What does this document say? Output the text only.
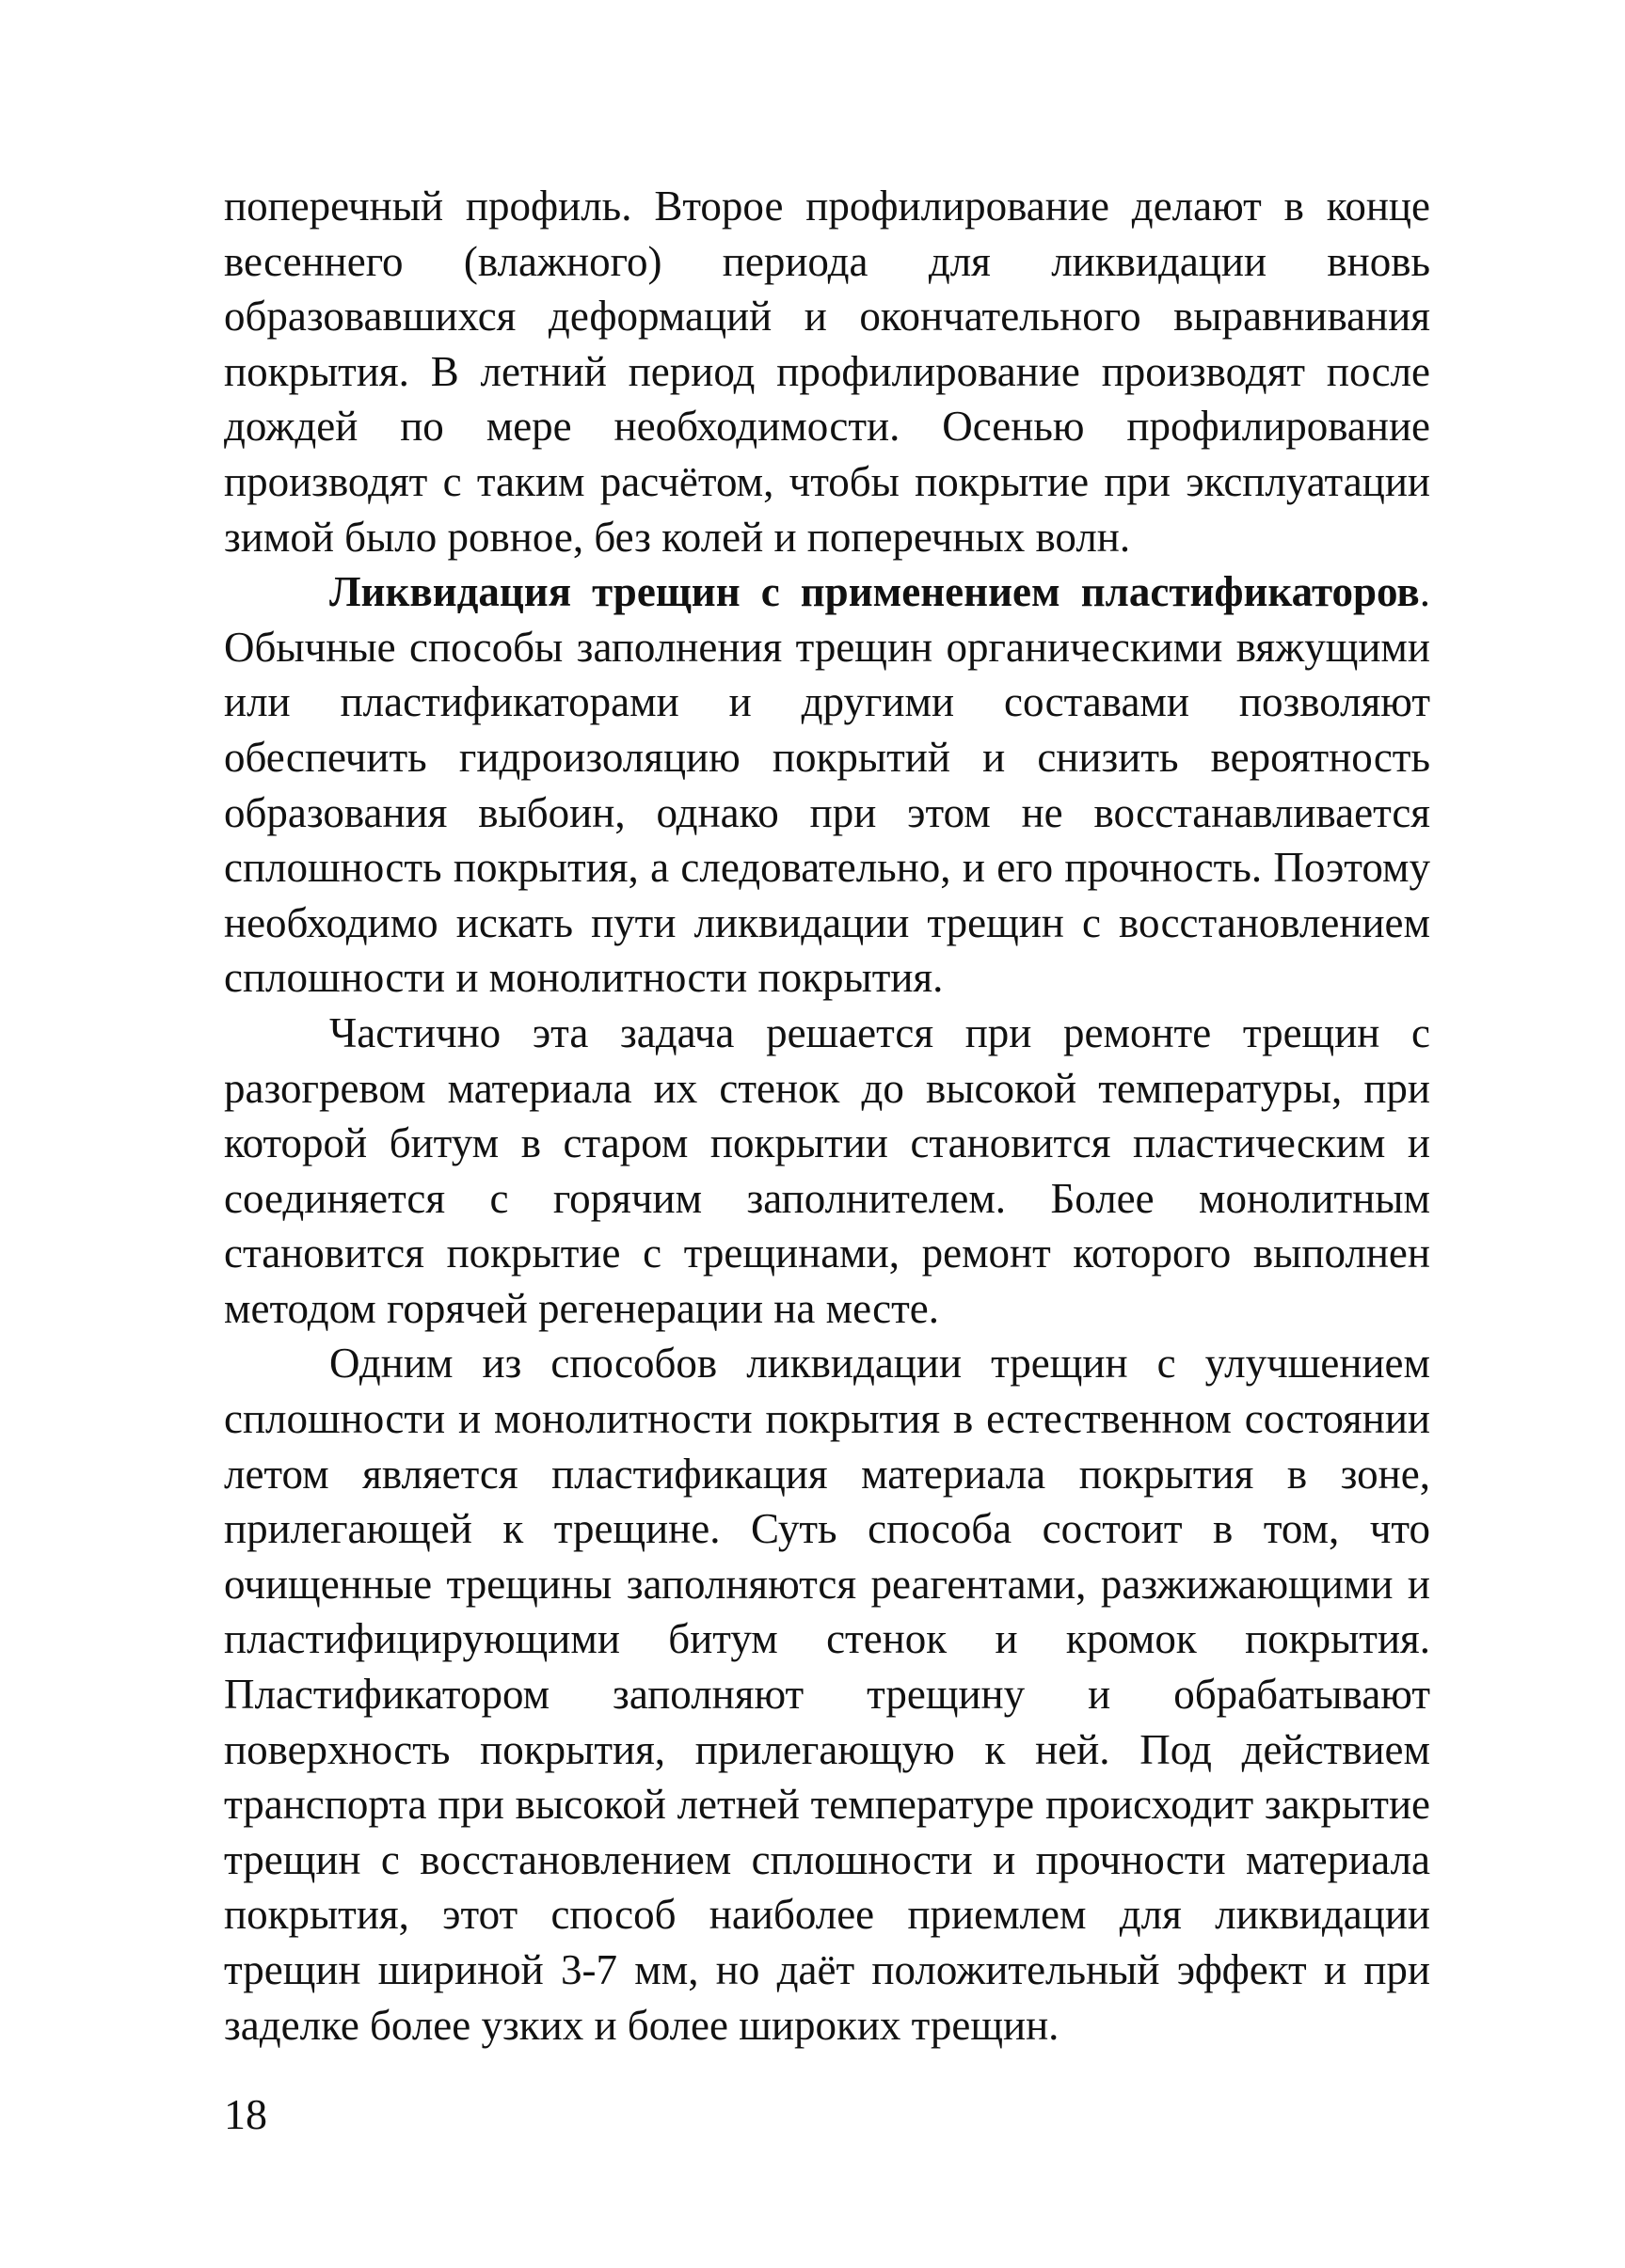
поперечный профиль. Второе профилирование делают в конце весеннего (влажного) периода для ликвидации вновь образовавшихся деформаций и окончательного выравнивания покрытия. В летний период профилирование производят после дождей по мере необходимости. Осенью профилирование производят с таким расчётом, чтобы покрытие при эксплуатации зимой было ровное, без колей и поперечных волн.

Ликвидация трещин с применением пластификаторов. Обычные способы заполнения трещин органическими вяжущими или пластификаторами и другими составами позволяют обеспечить гидроизоляцию покрытий и снизить вероятность образования выбоин, однако при этом не восстанавливается сплошность покрытия, а следовательно, и его прочность. Поэтому необходимо искать пути ликвидации трещин с восстановлением сплошности и монолитности покрытия.

Частично эта задача решается при ремонте трещин с разогревом материала их стенок до высокой температуры, при которой битум в старом покрытии становится пластическим и соединяется с горячим заполнителем. Более монолитным становится покрытие с трещинами, ремонт которого выполнен методом горячей регенерации на месте.

Одним из способов ликвидации трещин с улучшением сплошности и монолитности покрытия в естественном состоянии летом является пластификация материала покрытия в зоне, прилегающей к трещине. Суть способа состоит в том, что очищенные трещины заполняются реагентами, разжижающими и пластифицирующими битум стенок и кромок покрытия. Пластификатором заполняют трещину и обрабатывают поверхность покрытия, прилегающую к ней. Под действием транспорта при высокой летней температуре происходит закрытие трещин с восстановлением сплошности и прочности материала покрытия, этот способ наиболее приемлем для ликвидации трещин шириной 3-7 мм, но даёт положительный эффект и при заделке более узких и более широких трещин.

18
